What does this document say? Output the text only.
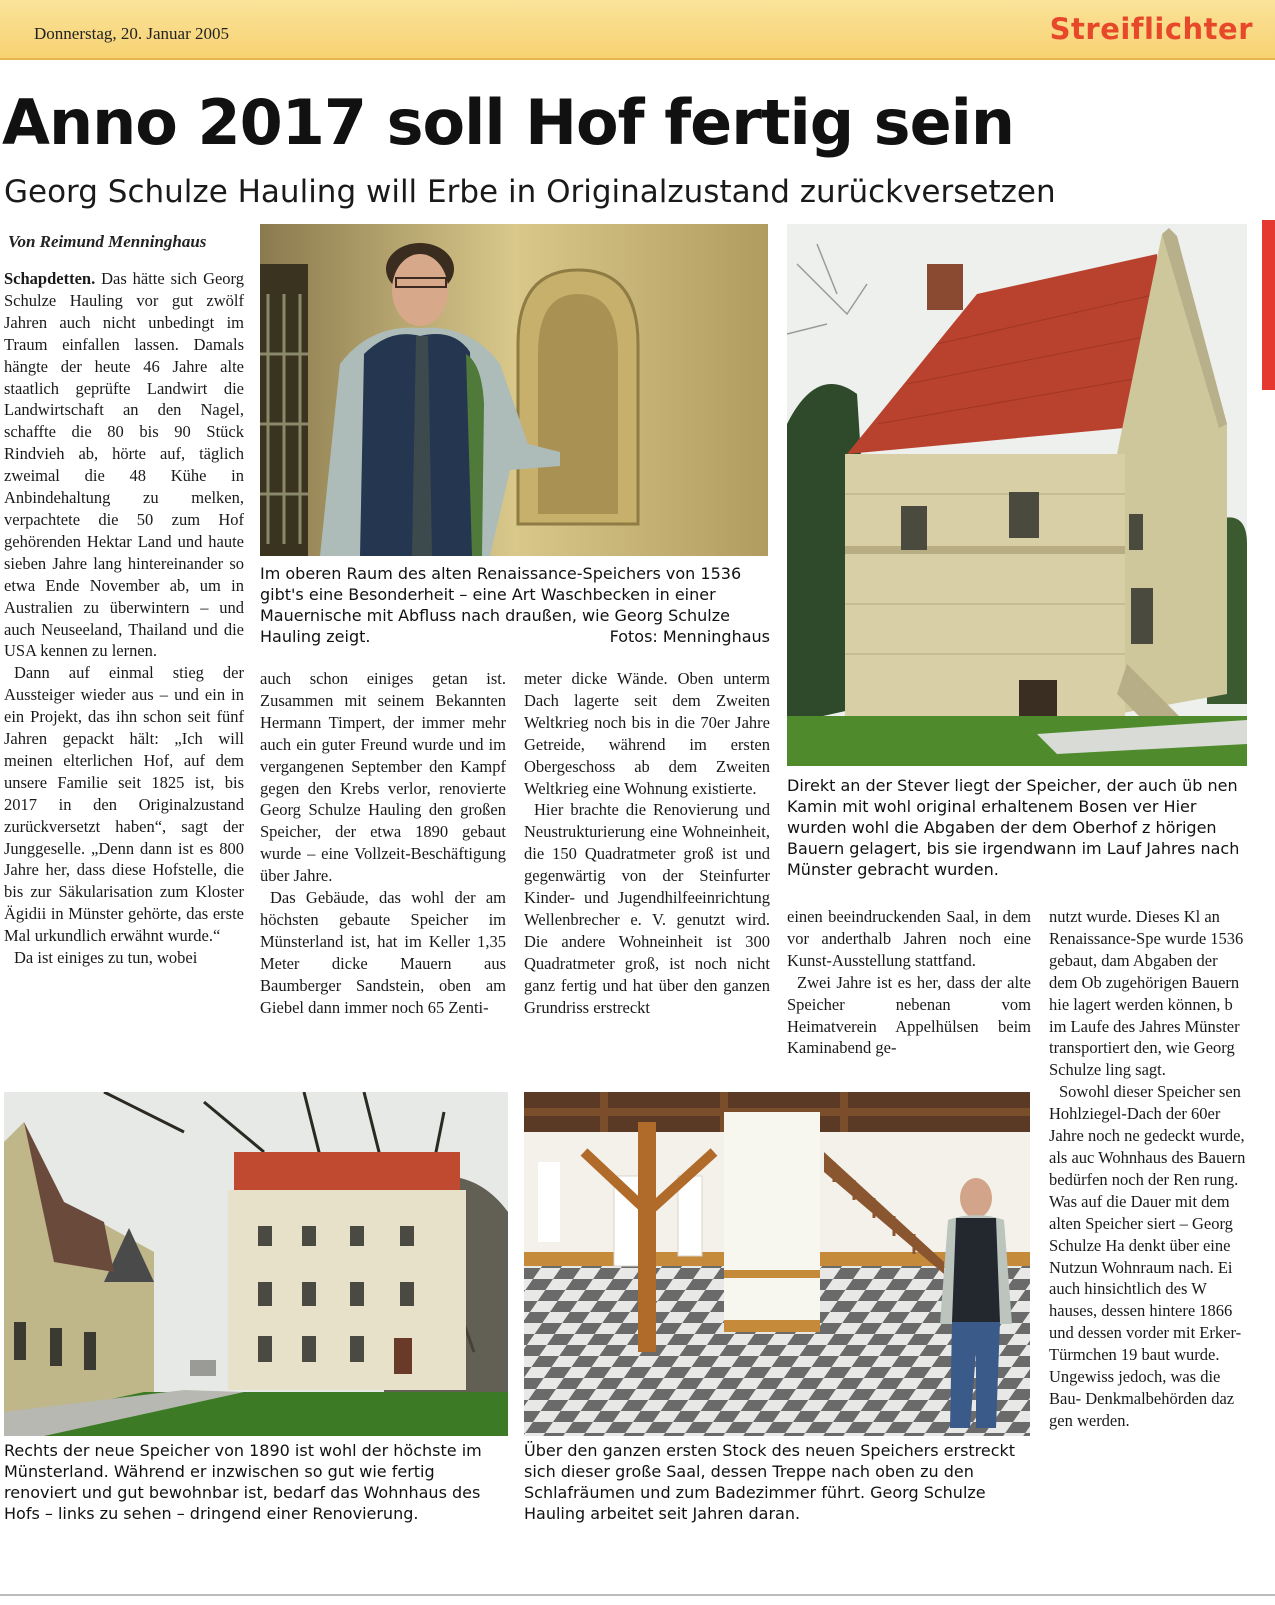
Donnerstag, 20. Januar 2005	Streiflichter
Anno 2017 soll Hof fertig sein
Georg Schulze Hauling will Erbe in Originalzustand zurückversetzen
Von Reimund Menninghaus
Im oberen Raum des alten Renaissance-Speichers von 1536 gibt's eine Besonderheit – eine Art Waschbecken in einer Mauernische mit Abfluss nach draußen, wie Georg Schulze Hauling zeigt.	Fotos: Menninghaus
Direkt an der Stever liegt der Speicher, der auch üb nen Kamin mit wohl original erhaltenem Bosen ver Hier wurden wohl die Abgaben der dem Oberhof z hörigen Bauern gelagert, bis sie irgendwann im Lauf Jahres nach Münster gebracht wurden.

Schapdetten. Das hätte sich Georg Schulze Hauling vor gut zwölf Jahren auch nicht unbedingt im Traum einfallen lassen. Damals hängte der heute 46 Jahre alte staatlich geprüfte Landwirt die Landwirtschaft an den Nagel, schaffte die 80 bis 90 Stück Rindvieh ab, hörte auf, täglich zweimal die 48 Kühe in Anbindehaltung zu melken, verpachtete die 50 zum Hof gehörenden Hektar Land und haute sieben Jahre lang hintereinander so etwa Ende November ab, um in Australien zu überwintern – und auch Neuseeland, Thailand und die USA kennen zu lernen.

Dann auf einmal stieg der Aussteiger wieder aus – und ein in ein Projekt, das ihn schon seit fünf Jahren gepackt hält: „Ich will meinen elterlichen Hof, auf dem unsere Familie seit 1825 ist, bis 2017 in den Originalzustand zurückversetzt haben“, sagt der Junggeselle. „Denn dann ist es 800 Jahre her, dass diese Hofstelle, die bis zur Säkularisation zum Kloster Ägidii in Münster gehörte, das erste Mal urkundlich erwähnt wurde.“

Da ist einiges zu tun, wobei

auch schon einiges getan ist. Zusammen mit seinem Bekannten Hermann Timpert, der immer mehr auch ein guter Freund wurde und im vergangenen September den Kampf gegen den Krebs verlor, renovierte Georg Schulze Hauling den großen Speicher, der etwa 1890 gebaut wurde – eine Vollzeit-Beschäftigung über Jahre.

Das Gebäude, das wohl der am höchsten gebaute Speicher im Münsterland ist, hat im Keller 1,35 Meter dicke Mauern aus Baumberger Sandstein, oben am Giebel dann immer noch 65 Zenti-

meter dicke Wände. Oben unterm Dach lagerte seit dem Zweiten Weltkrieg noch bis in die 70er Jahre Getreide, während im ersten Obergeschoss ab dem Zweiten Weltkrieg eine Wohnung existierte.

Hier brachte die Renovierung und Neustrukturierung eine Wohneinheit, die 150 Quadratmeter groß ist und gegenwärtig von der Steinfurter Kinder- und Jugendhilfeeinrichtung Wellenbrecher e. V. genutzt wird. Die andere Wohneinheit ist 300 Quadratmeter groß, ist noch nicht ganz fertig und hat über den ganzen Grundriss erstreckt

einen beeindruckenden Saal, in dem vor anderthalb Jahren noch eine Kunst-Ausstellung stattfand.

Zwei Jahre ist es her, dass der alte Speicher nebenan vom Heimatverein Appelhülsen beim Kaminabend ge-

nutzt wurde. Dieses Kl an Renaissance-Spe wurde 1536 gebaut, dam Abgaben der dem Ob zugehörigen Bauern hie lagert werden können, b im Laufe des Jahres Münster transportiert den, wie Georg Schulze ling sagt.

Sowohl dieser Speicher sen Hohlziegel-Dach der 60er Jahre noch ne gedeckt wurde, als auc Wohnhaus des Bauern bedürfen noch der Ren rung. Was auf die Dauer mit dem alten Speicher siert – Georg Schulze Ha denkt über eine Nutzun Wohnraum nach. Ei auch hinsichtlich des W hauses, dessen hintere 1866 und dessen vorder mit Erker-Türmchen 19 baut wurde. Ungewiss jedoch, was die Bau- Denkmalbehörden daz gen werden.

Rechts der neue Speicher von 1890 ist wohl der höchste im Münsterland. Während er inzwischen so gut wie fertig renoviert und gut bewohnbar ist, bedarf das Wohnhaus des Hofs – links zu sehen – dringend einer Renovierung.
Über den ganzen ersten Stock des neuen Speichers erstreckt sich dieser große Saal, dessen Treppe nach oben zu den Schlafräumen und zum Badezimmer führt. Georg Schulze Hauling arbeitet seit Jahren daran.
